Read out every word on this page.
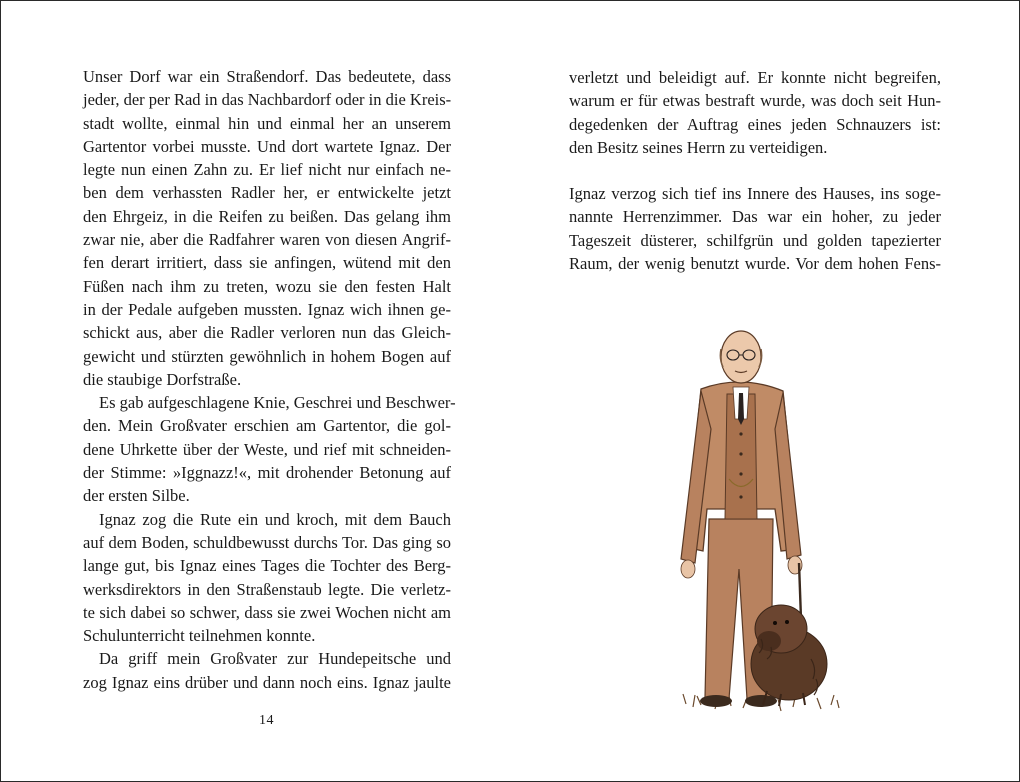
Unser Dorf war ein Straßendorf. Das bedeutete, dass
jeder, der per Rad in das Nachbardorf oder in die Kreis-
stadt wollte, einmal hin und einmal her an unserem
Gartentor vorbei musste. Und dort wartete Ignaz. Der
legte nun einen Zahn zu. Er lief nicht nur einfach ne-
ben dem verhassten Radler her, er entwickelte jetzt
den Ehrgeiz, in die Reifen zu beißen. Das gelang ihm
zwar nie, aber die Radfahrer waren von diesen Angrif-
fen derart irritiert, dass sie anfingen, wütend mit den
Füßen nach ihm zu treten, wozu sie den festen Halt
in der Pedale aufgeben mussten. Ignaz wich ihnen ge-
schickt aus, aber die Radler verloren nun das Gleich-
gewicht und stürzten gewöhnlich in hohem Bogen auf
die staubige Dorfstraße.
Es gab aufgeschlagene Knie, Geschrei und Beschwer-
den. Mein Großvater erschien am Gartentor, die gol-
dene Uhrkette über der Weste, und rief mit schneiden-
der Stimme: »Iggnazz!«, mit drohender Betonung auf
der ersten Silbe.
Ignaz zog die Rute ein und kroch, mit dem Bauch
auf dem Boden, schuldbewusst durchs Tor. Das ging so
lange gut, bis Ignaz eines Tages die Tochter des Berg-
werksdirektors in den Straßenstaub legte. Die verletz-
te sich dabei so schwer, dass sie zwei Wochen nicht am
Schulunterricht teilnehmen konnte.
Da griff mein Großvater zur Hundepeitsche und
zog Ignaz eins drüber und dann noch eins. Ignaz jaulte
14
verletzt und beleidigt auf. Er konnte nicht begreifen,
warum er für etwas bestraft wurde, was doch seit Hun-
degedenken der Auftrag eines jeden Schnauzers ist:
den Besitz seines Herrn zu verteidigen.
Ignaz verzog sich tief ins Innere des Hauses, ins soge-
nannte Herrenzimmer. Das war ein hoher, zu jeder
Tageszeit düsterer, schilfgrün und golden tapezierter
Raum, der wenig benutzt wurde. Vor dem hohen Fens-
